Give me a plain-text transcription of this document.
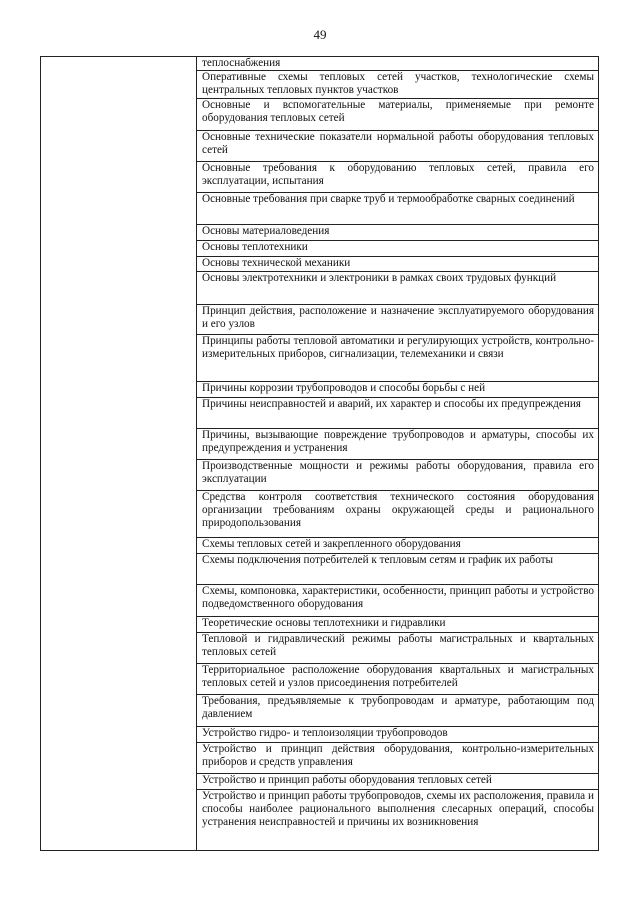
49

теплоснабжения
Оперативные схемы тепловых сетей участков, технологические схемы центральных тепловых пунктов участков
Основные и вспомогательные материалы, применяемые при ремонте оборудования тепловых сетей
Основные технические показатели нормальной работы оборудования тепловых сетей
Основные требования к оборудованию тепловых сетей, правила его эксплуатации, испытания
Основные требования при сварке труб и термообработке сварных соединений
Основы материаловедения
Основы теплотехники
Основы технической механики
Основы электротехники и электроники в рамках своих трудовых функций
Принцип действия, расположение и назначение эксплуатируемого оборудования и его узлов
Принципы работы тепловой автоматики и регулирующих устройств, контрольно-измерительных приборов, сигнализации, телемеханики и связи
Причины коррозии трубопроводов и способы борьбы с ней
Причины неисправностей и аварий, их характер и способы их предупреждения
Причины, вызывающие повреждение трубопроводов и арматуры, способы их предупреждения и устранения
Производственные мощности и режимы работы оборудования, правила его эксплуатации
Средства контроля соответствия технического состояния оборудования организации требованиям охраны окружающей среды и рационального природопользования
Схемы тепловых сетей и закрепленного оборудования
Схемы подключения потребителей к тепловым сетям и график их работы
Схемы, компоновка, характеристики, особенности, принцип работы и устройство подведомственного оборудования
Теоретические основы теплотехники и гидравлики
Тепловой и гидравлический режимы работы магистральных и квартальных тепловых сетей
Территориальное расположение оборудования квартальных и магистральных тепловых сетей и узлов присоединения потребителей
Требования, предъявляемые к трубопроводам и арматуре, работающим под давлением
Устройство гидро- и теплоизоляции трубопроводов
Устройство и принцип действия оборудования, контрольно-измерительных приборов и средств управления
Устройство и принцип работы оборудования тепловых сетей
Устройство и принцип работы трубопроводов, схемы их расположения, правила и способы наиболее рационального выполнения слесарных операций, способы устранения неисправностей и причины их возникновения
